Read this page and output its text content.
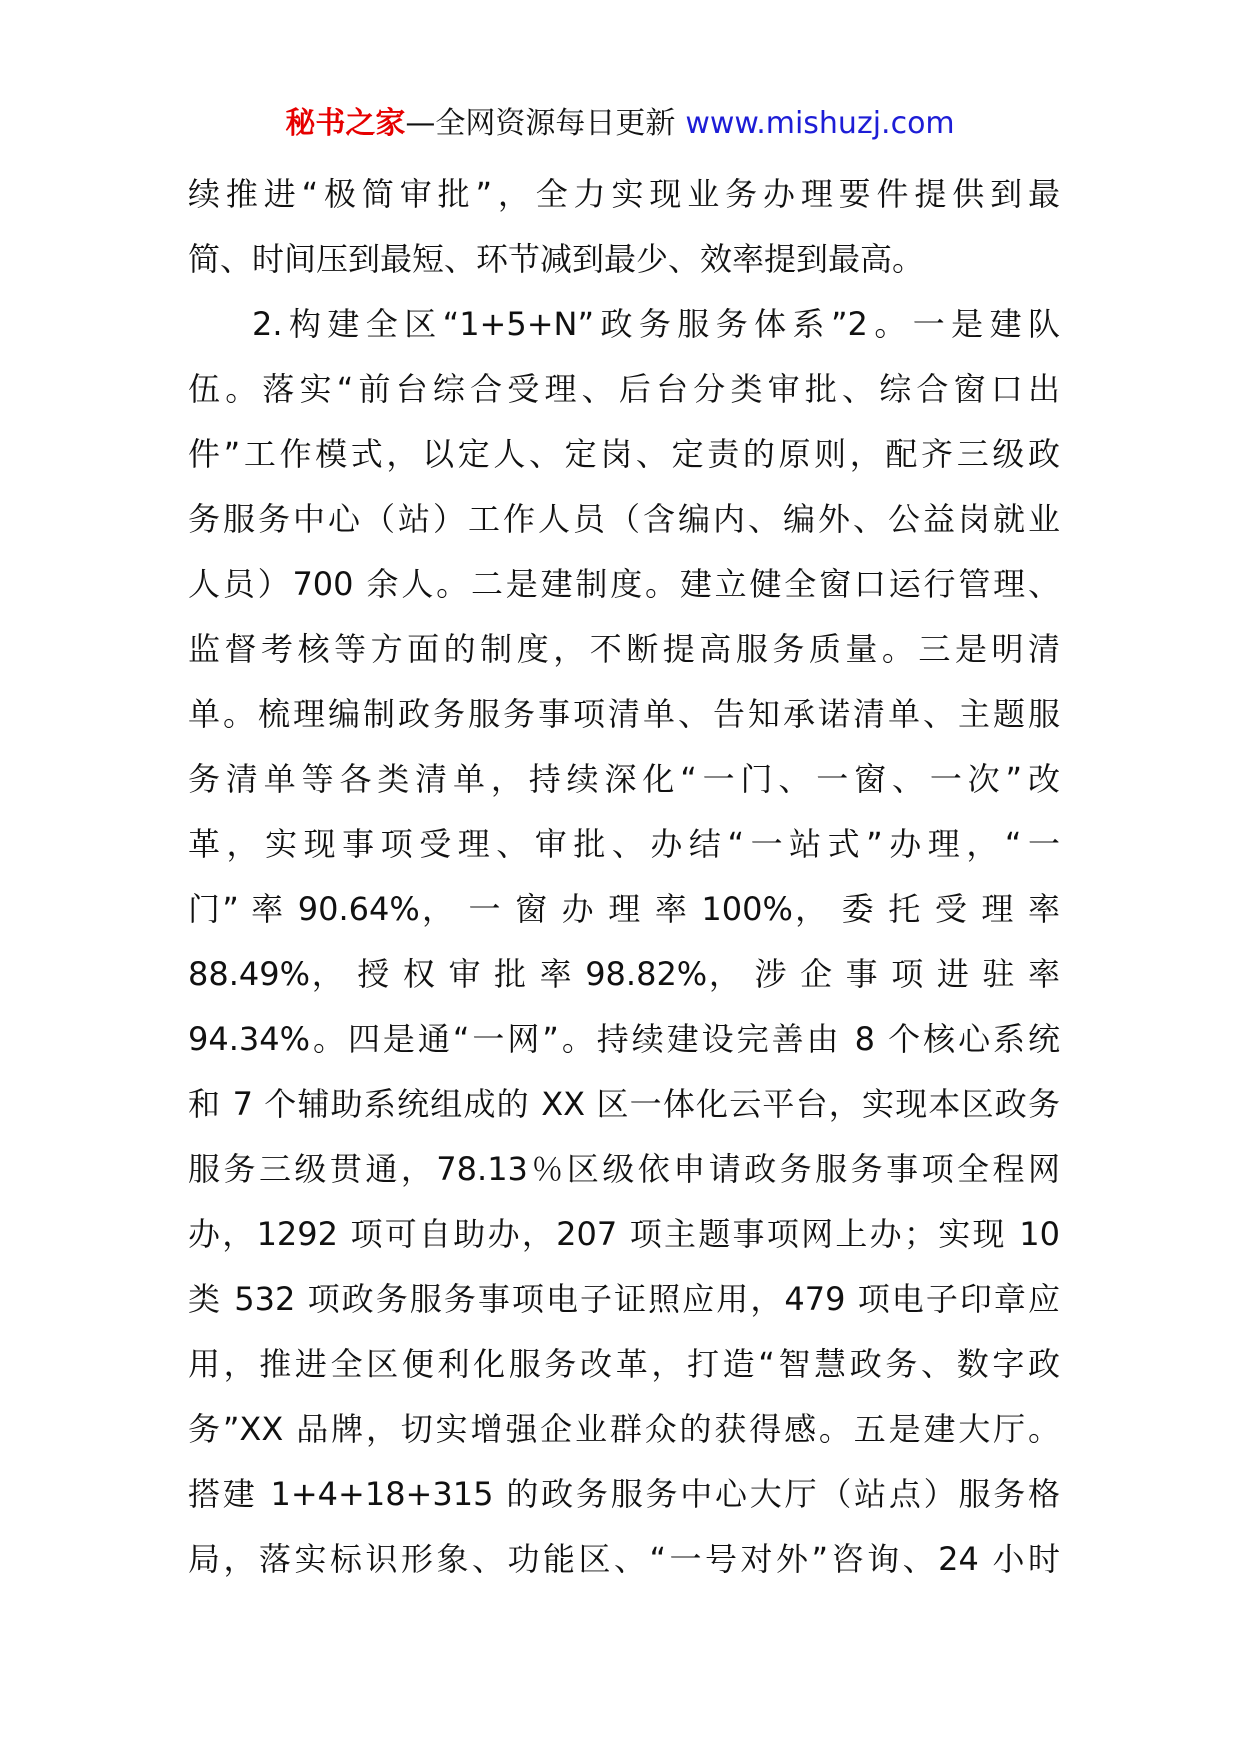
秘书之家—全网资源每日更新 www.mishuzj.com
续推进“极简审批”，全力实现业务办理要件提供到最
简、时间压到最短、环节减到最少、效率提到最高。
2.构建全区“1+5+N”政务服务体系”2。一是建队
伍。落实“前台综合受理、后台分类审批、综合窗口出
件”工作模式，以定人、定岗、定责的原则，配齐三级政
务服务中心（站）工作人员（含编内、编外、公益岗就业
人员）700 余人。二是建制度。建立健全窗口运行管理、
监督考核等方面的制度，不断提高服务质量。三是明清
单。梳理编制政务服务事项清单、告知承诺清单、主题服
务清单等各类清单，持续深化“一门、一窗、一次”改
革，实现事项受理、审批、办结“一站式”办理，“一
门” 率 90.64%， 一 窗 办 理 率 100%， 委 托 受 理 率
88.49%， 授 权 审 批 率 98.82%， 涉 企 事 项 进 驻 率
94.34%。四是通“一网”。持续建设完善由 8 个核心系统
和 7 个辅助系统组成的 XX 区一体化云平台，实现本区政务
服务三级贯通，78.13％区级依申请政务服务事项全程网
办，1292 项可自助办，207 项主题事项网上办；实现 10
类 532 项政务服务事项电子证照应用，479 项电子印章应
用，推进全区便利化服务改革，打造“智慧政务、数字政
务”XX 品牌，切实增强企业群众的获得感。五是建大厅。
搭建 1+4+18+315 的政务服务中心大厅（站点）服务格
局，落实标识形象、功能区、“一号对外”咨询、24 小时
